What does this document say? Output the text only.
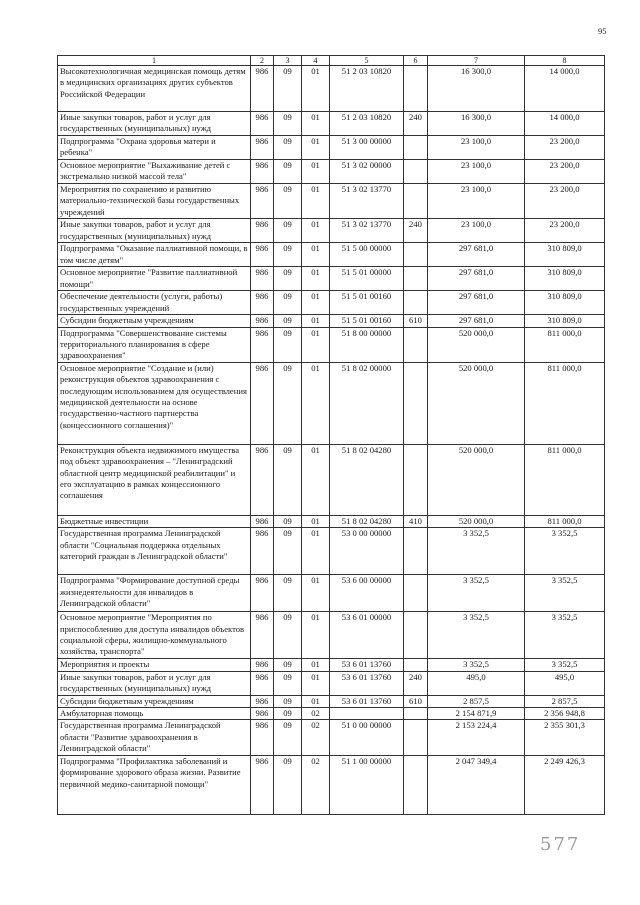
95
1	2	3	4	5	6	7	8
Высокотехнологичная медицинская помощь детям в медицинских организациях других субъектов Российской Федерации	986	09	01	51 2 03 10820		16 300,0	14 000,0
Иные закупки товаров, работ и услуг для государственных (муниципальных) нужд	986	09	01	51 2 03 10820	240	16 300,0	14 000,0
Подпрограмма "Охрана здоровья матери и ребенка"	986	09	01	51 3 00 00000		23 100,0	23 200,0
Основное мероприятие "Выхаживание детей с экстремально низкой массой тела"	986	09	01	51 3 02 00000		23 100,0	23 200,0
Мероприятия по сохранению и развитию материально-технической базы государственных учреждений	986	09	01	51 3 02 13770		23 100,0	23 200,0
Иные закупки товаров, работ и услуг для государственных (муниципальных) нужд	986	09	01	51 3 02 13770	240	23 100,0	23 200,0
Подпрограмма "Оказание паллиативной помощи, в том числе детям"	986	09	01	51 5 00 00000		297 681,0	310 809,0
Основное мероприятие "Развитие паллиативной помощи"	986	09	01	51 5 01 00000		297 681,0	310 809,0
Обеспечение деятельности (услуги, работы) государственных учреждений	986	09	01	51 5 01 00160		297 681,0	310 809,0
Субсидии бюджетным учреждениям	986	09	01	51 5 01 00160	610	297 681,0	310 809,0
Подпрограмма "Совершенствование системы территориального планирования в сфере здравоохранения"	986	09	01	51 8 00 00000		520 000,0	811 000,0
Основное мероприятие "Создание и (или) реконструкция объектов здравоохранения с последующим использованием для осуществления медицинской деятельности на основе государственно-частного партнерства (концессионного соглашения)"	986	09	01	51 8 02 00000		520 000,0	811 000,0
Реконструкция объекта недвижимого имущества под объект здравоохранения – "Ленинградский областной центр медицинской реабилитации" и его эксплуатацию в рамках концессионного соглашения	986	09	01	51 8 02 04280		520 000,0	811 000,0
Бюджетные инвестиции	986	09	01	51 8 02 04280	410	520 000,0	811 000,0
Государственная программа Ленинградской области "Социальная поддержка отдельных категорий граждан в Ленинградской области"	986	09	01	53 0 00 00000		3 352,5	3 352,5
Подпрограмма "Формирование доступной среды жизнедеятельности для инвалидов в Ленинградской области"	986	09	01	53 6 00 00000		3 352,5	3 352,5
Основное мероприятие "Мероприятия по приспособлению для доступа инвалидов объектов социальной сферы, жилищно-коммунального хозяйства, транспорта"	986	09	01	53 6 01 00000		3 352,5	3 352,5
Мероприятия и проекты	986	09	01	53 6 01 13760		3 352,5	3 352,5
Иные закупки товаров, работ и услуг для государственных (муниципальных) нужд	986	09	01	53 6 01 13760	240	495,0	495,0
Субсидии бюджетным учреждениям	986	09	01	53 6 01 13760	610	2 857,5	2 857,5
Амбулаторная помощь	986	09	02			2 154 871,9	2 356 948,8
Государственная программа Ленинградской области "Развитие здравоохранения в Ленинградской области"	986	09	02	51 0 00 00000		2 153 224,4	2 355 301,3
Подпрограмма "Профилактика заболеваний и формирование здорового образа жизни. Развитие первичной медико-санитарной помощи"	986	09	02	51 1 00 00000		2 047 349,4	2 249 426,3
577
